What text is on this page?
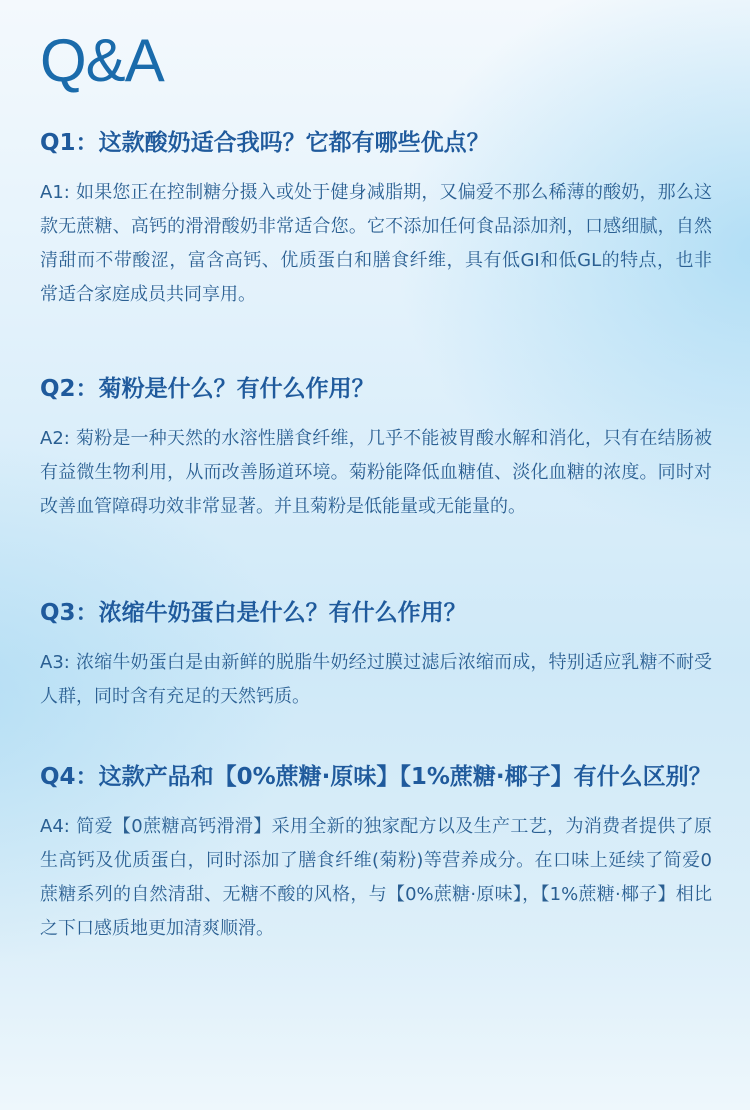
Q&A
Q1： 这款酸奶适合我吗？它都有哪些优点？

A1: 如果您正在控制糖分摄入或处于健身减脂期，又偏爱不那么稀薄的酸奶，那么这款无蔗糖、高钙的滑滑酸奶非常适合您。它不添加任何食品添加剂，口感细腻，自然清甜而不带酸涩，富含高钙、优质蛋白和膳食纤维，具有低GI和低GL的特点，也非常适合家庭成员共同享用。

Q2： 菊粉是什么？有什么作用？

A2: 菊粉是一种天然的水溶性膳食纤维，几乎不能被胃酸水解和消化，只有在结肠被有益微生物利用，从而改善肠道环境。菊粉能降低血糖值、淡化血糖的浓度。同时对改善血管障碍功效非常显著。并且菊粉是低能量或无能量的。

Q3： 浓缩牛奶蛋白是什么？有什么作用？

A3: 浓缩牛奶蛋白是由新鲜的脱脂牛奶经过膜过滤后浓缩而成，特别适应乳糖不耐受人群，同时含有充足的天然钙质。

Q4： 这款产品和【0%蔗糖·原味】【1%蔗糖·椰子】有什么区别？

A4: 简爱【0蔗糖高钙滑滑】采用全新的独家配方以及生产工艺，为消费者提供了原生高钙及优质蛋白，同时添加了膳食纤维(菊粉)等营养成分。在口味上延续了简爱0蔗糖系列的自然清甜、无糖不酸的风格，与【0%蔗糖·原味】，【1%蔗糖·椰子】相比之下口感质地更加清爽顺滑。
